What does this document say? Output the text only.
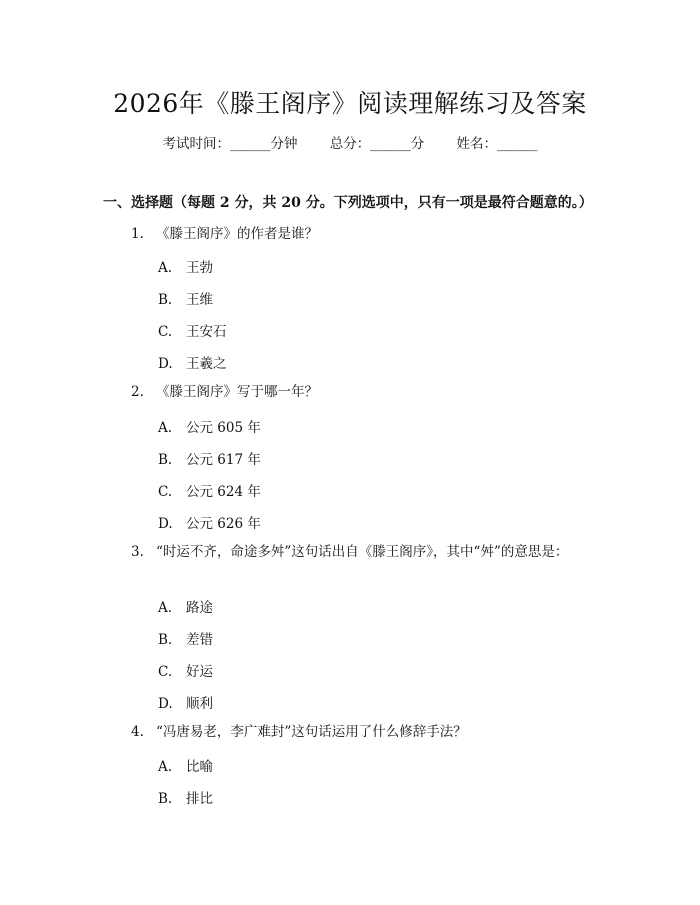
2026年《滕王阁序》阅读理解练习及答案
考试时间：______分钟 总分：______分 姓名：______
一、选择题（每题 2 分，共 20 分。下列选项中，只有一项是最符合题意的。）
1. 《滕王阁序》的作者是谁？
A. 王勃
B. 王维
C. 王安石
D. 王羲之
2. 《滕王阁序》写于哪一年？
A. 公元 605 年
B. 公元 617 年
C. 公元 624 年
D. 公元 626 年
3. “时运不齐，命途多舛”这句话出自《滕王阁序》，其中“舛”的意思是：
A. 路途
B. 差错
C. 好运
D. 顺利
4. “冯唐易老，李广难封”这句话运用了什么修辞手法？
A. 比喻
B. 排比
